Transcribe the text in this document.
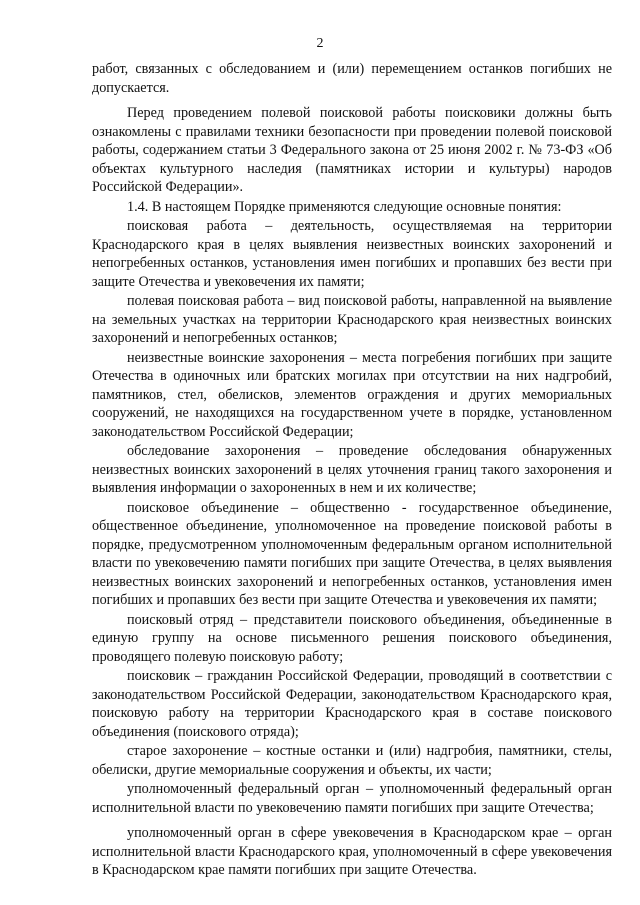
2

работ, связанных с обследованием и (или) перемещением останков погибших не допускается.

Перед проведением полевой поисковой работы поисковики должны быть ознакомлены с правилами техники безопасности при проведении полевой поисковой работы, содержанием статьи 3 Федерального закона от 25 июня 2002 г. № 73-ФЗ «Об объектах культурного наследия (памятниках истории и культуры) народов Российской Федерации».

1.4. В настоящем Порядке применяются следующие основные понятия:

поисковая работа – деятельность, осуществляемая на территории Краснодарского края в целях выявления неизвестных воинских захоронений и непогребенных останков, установления имен погибших и пропавших без вести при защите Отечества и увековечения их памяти;

полевая поисковая работа – вид поисковой работы, направленной на выявление на земельных участках на территории Краснодарского края неизвестных воинских захоронений и непогребенных останков;

неизвестные воинские захоронения – места погребения погибших при защите Отечества в одиночных или братских могилах при отсутствии на них надгробий, памятников, стел, обелисков, элементов ограждения и других мемориальных сооружений, не находящихся на государственном учете в порядке, установленном законодательством Российской Федерации;

обследование захоронения – проведение обследования обнаруженных неизвестных воинских захоронений в целях уточнения границ такого захоронения и выявления информации о захороненных в нем и их количестве;

поисковое объединение – общественно - государственное объединение, общественное объединение, уполномоченное на проведение поисковой работы в порядке, предусмотренном уполномоченным федеральным органом исполнительной власти по увековечению памяти погибших при защите Отечества, в целях выявления неизвестных воинских захоронений и непогребенных останков, установления имен погибших и пропавших без вести при защите Отечества и увековечения их памяти;

поисковый отряд – представители поискового объединения, объединенные в единую группу на основе письменного решения поискового объединения, проводящего полевую поисковую работу;

поисковик – гражданин Российской Федерации, проводящий в соответствии с законодательством Российской Федерации, законодательством Краснодарского края, поисковую работу на территории Краснодарского края в составе поискового объединения (поискового отряда);

старое захоронение – костные останки и (или) надгробия, памятники, стелы, обелиски, другие мемориальные сооружения и объекты, их части;

уполномоченный федеральный орган – уполномоченный федеральный орган исполнительной власти по увековечению памяти погибших при защите Отечества;

уполномоченный орган в сфере увековечения в Краснодарском крае – орган исполнительной власти Краснодарского края, уполномоченный в сфере увековечения в Краснодарском крае памяти погибших при защите Отечества.
